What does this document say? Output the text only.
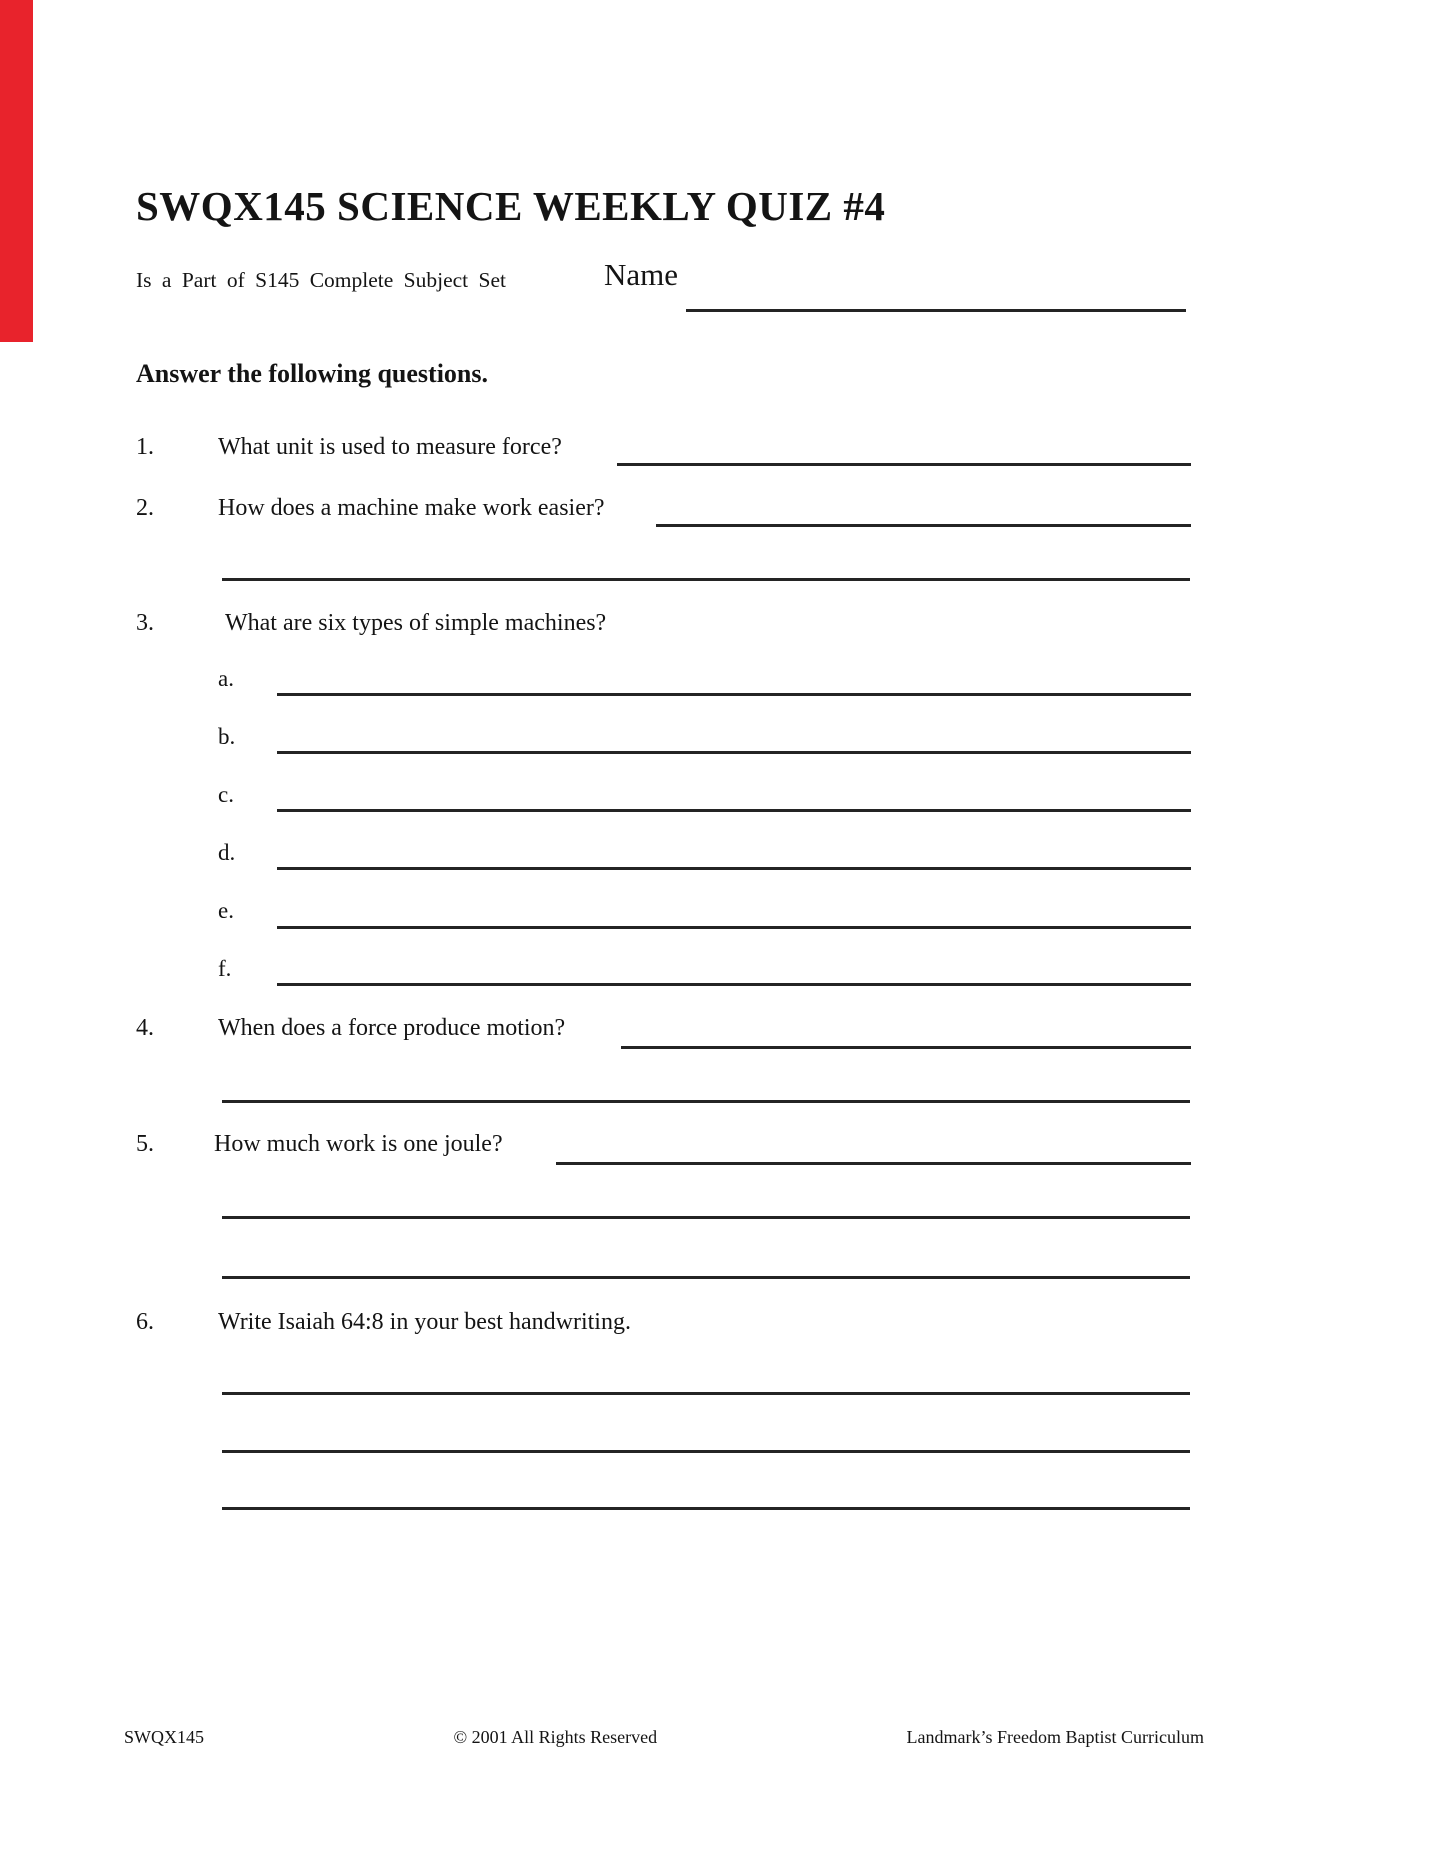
SWQX145 SCIENCE WEEKLY QUIZ #4
Is a Part of S145 Complete Subject Set	Name
Answer the following questions.
1.	What unit is used to measure force?
2.	How does a machine make work easier?
3.	What are six types of simple machines?
a.
b.
c.
d.
e.
f.
4.	When does a force produce motion?
5.	How much work is one joule?
6.	Write Isaiah 64:8 in your best handwriting.
SWQX145	© 2001 All Rights Reserved	Landmark’s Freedom Baptist Curriculum
